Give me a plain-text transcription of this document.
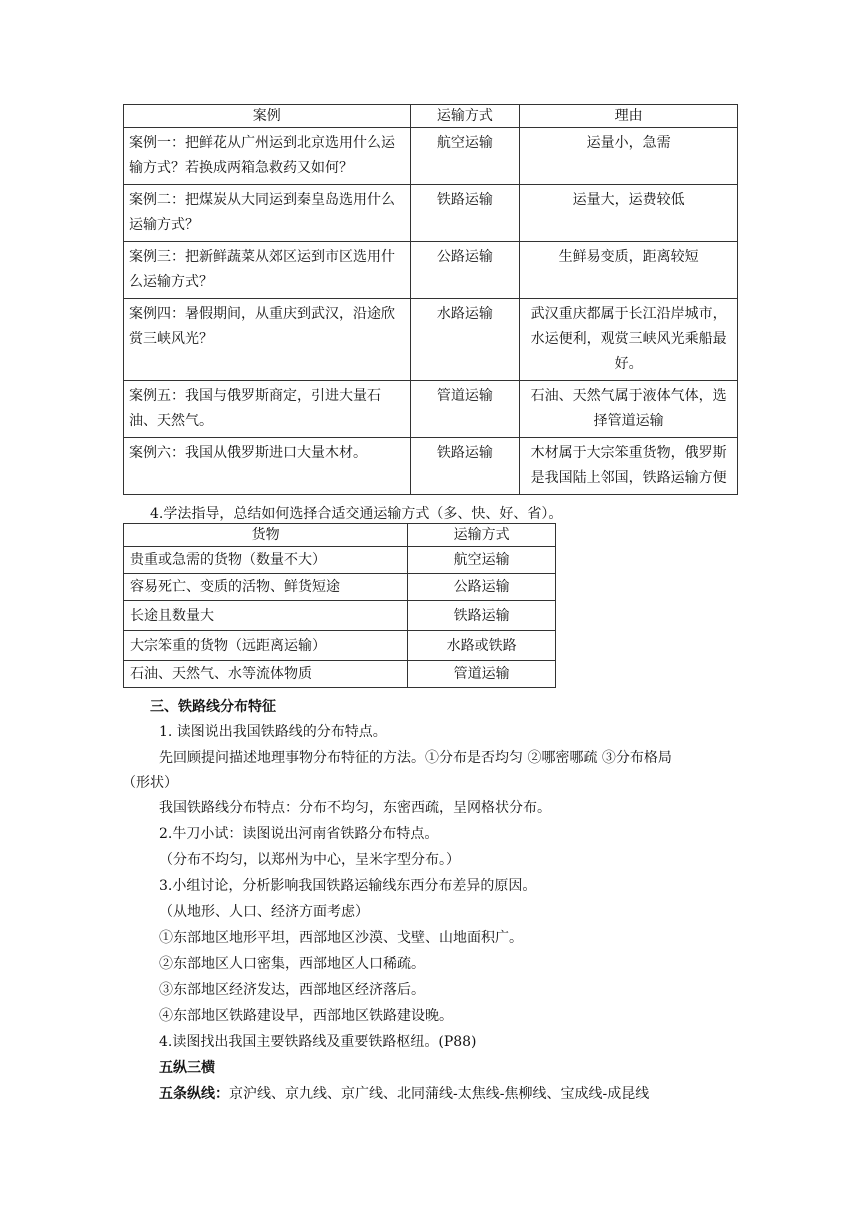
案例	运输方式	理由
案例一：把鲜花从广州运到北京选用什么运输方式？若换成两箱急救药又如何？	航空运输	运量小，急需
案例二：把煤炭从大同运到秦皇岛选用什么运输方式？	铁路运输	运量大，运费较低
案例三：把新鲜蔬菜从郊区运到市区选用什么运输方式？	公路运输	生鲜易变质，距离较短
案例四：暑假期间，从重庆到武汉，沿途欣赏三峡风光？	水路运输	武汉重庆都属于长江沿岸城市，水运便利，观赏三峡风光乘船最好。
案例五：我国与俄罗斯商定，引进大量石油、天然气。	管道运输	石油、天然气属于液体气体，选择管道运输
案例六：我国从俄罗斯进口大量木材。	铁路运输	木材属于大宗笨重货物，俄罗斯是我国陆上邻国，铁路运输方便
4.学法指导，总结如何选择合适交通运输方式（多、快、好、省）。
货物	运输方式
贵重或急需的货物（数量不大）	航空运输
容易死亡、变质的活物、鲜货短途	公路运输
长途且数量大	铁路运输
大宗笨重的货物（远距离运输）	水路或铁路
石油、天然气、水等流体物质	管道运输
三、铁路线分布特征
1. 读图说出我国铁路线的分布特点。
先回顾提问描述地理事物分布特征的方法。①分布是否均匀 ②哪密哪疏 ③分布格局
（形状）
我国铁路线分布特点：分布不均匀，东密西疏，呈网格状分布。
2.牛刀小试：读图说出河南省铁路分布特点。
（分布不均匀，以郑州为中心，呈米字型分布。）
3.小组讨论，分析影响我国铁路运输线东西分布差异的原因。
（从地形、人口、经济方面考虑）
①东部地区地形平坦，西部地区沙漠、戈壁、山地面积广。
②东部地区人口密集，西部地区人口稀疏。
③东部地区经济发达，西部地区经济落后。
④东部地区铁路建设早，西部地区铁路建设晚。
4.读图找出我国主要铁路线及重要铁路枢纽。(P88)
五纵三横
五条纵线：京沪线、京九线、京广线、北同蒲线-太焦线-焦柳线、宝成线-成昆线
